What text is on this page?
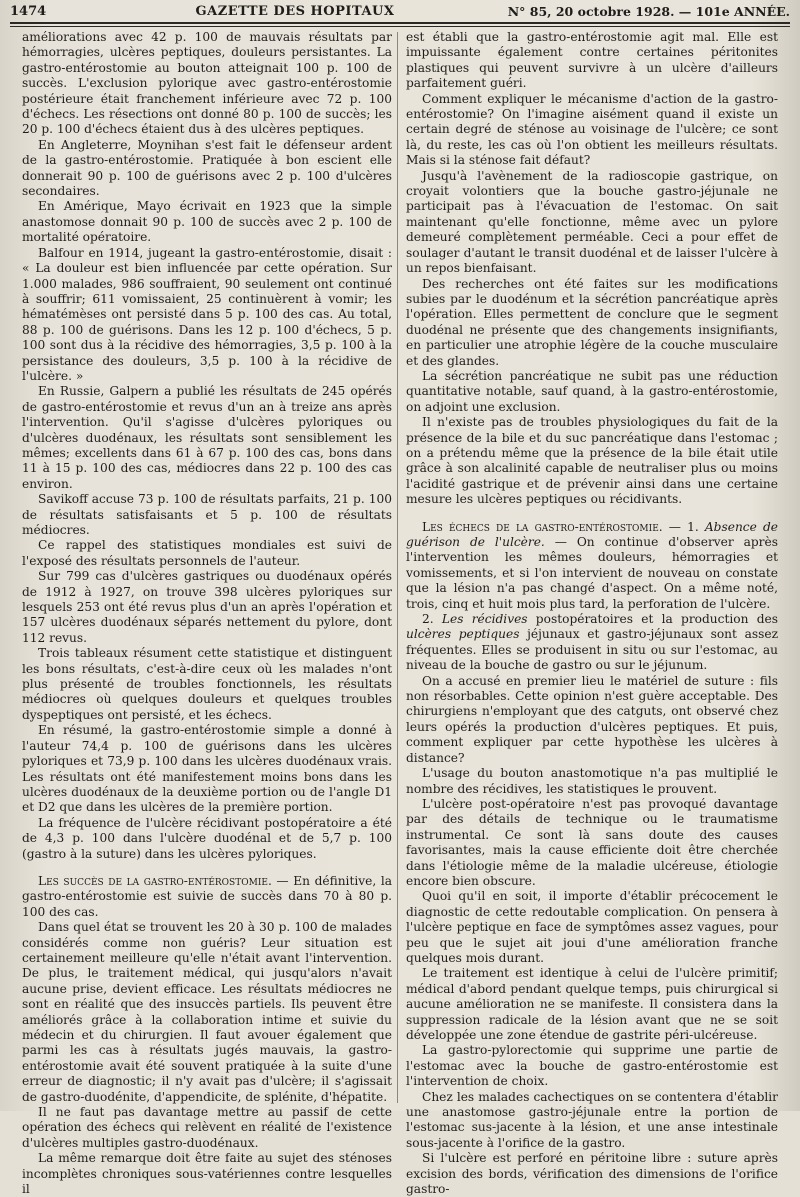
1474	GAZETTE DES HOPITAUX	N° 85, 20 octobre 1928. — 101e ANNÉE.

améliorations avec 42 p. 100 de mauvais résultats par hémorragies, ulcères peptiques, douleurs persistantes. La gastro-entérostomie au bouton atteignait 100 p. 100 de succès. L'exclusion pylorique avec gastro-entérostomie postérieure était franchement inférieure avec 72 p. 100 d'échecs. Les résections ont donné 80 p. 100 de succès; les 20 p. 100 d'échecs étaient dus à des ulcères peptiques.

En Angleterre, Moynihan s'est fait le défenseur ardent de la gastro-entérostomie. Pratiquée à bon escient elle donnerait 90 p. 100 de guérisons avec 2 p. 100 d'ulcères secondaires.

En Amérique, Mayo écrivait en 1923 que la simple anastomose donnait 90 p. 100 de succès avec 2 p. 100 de mortalité opératoire.

Balfour en 1914, jugeant la gastro-entérostomie, disait : « La douleur est bien influencée par cette opération. Sur 1.000 malades, 986 souffraient, 90 seulement ont continué à souffrir; 611 vomissaient, 25 continuèrent à vomir; les hématémèses ont persisté dans 5 p. 100 des cas. Au total, 88 p. 100 de guérisons. Dans les 12 p. 100 d'échecs, 5 p. 100 sont dus à la récidive des hémorragies, 3,5 p. 100 à la persistance des douleurs, 3,5 p. 100 à la récidive de l'ulcère. »

En Russie, Galpern a publié les résultats de 245 opérés de gastro-entérostomie et revus d'un an à treize ans après l'intervention. Qu'il s'agisse d'ulcères pyloriques ou d'ulcères duodénaux, les résultats sont sensiblement les mêmes; excellents dans 61 à 67 p. 100 des cas, bons dans 11 à 15 p. 100 des cas, médiocres dans 22 p. 100 des cas environ.

Savikoff accuse 73 p. 100 de résultats parfaits, 21 p. 100 de résultats satisfaisants et 5 p. 100 de résultats médiocres.

Ce rappel des statistiques mondiales est suivi de l'exposé des résultats personnels de l'auteur.

Sur 799 cas d'ulcères gastriques ou duodénaux opérés de 1912 à 1927, on trouve 398 ulcères pyloriques sur lesquels 253 ont été revus plus d'un an après l'opération et 157 ulcères duodénaux séparés nettement du pylore, dont 112 revus.

Trois tableaux résument cette statistique et distinguent les bons résultats, c'est-à-dire ceux où les malades n'ont plus présenté de troubles fonctionnels, les résultats médiocres où quelques douleurs et quelques troubles dyspeptiques ont persisté, et les échecs.

En résumé, la gastro-entérostomie simple a donné à l'auteur 74,4 p. 100 de guérisons dans les ulcères pyloriques et 73,9 p. 100 dans les ulcères duodénaux vrais. Les résultats ont été manifestement moins bons dans les ulcères duodénaux de la deuxième portion ou de l'angle D1 et D2 que dans les ulcères de la première portion.

La fréquence de l'ulcère récidivant postopératoire a été de 4,3 p. 100 dans l'ulcère duodénal et de 5,7 p. 100 (gastro à la suture) dans les ulcères pyloriques.

Les succès de la gastro-entérostomie. — En définitive, la gastro-entérostomie est suivie de succès dans 70 à 80 p. 100 des cas.

Dans quel état se trouvent les 20 à 30 p. 100 de malades considérés comme non guéris? Leur situation est certainement meilleure qu'elle n'était avant l'intervention. De plus, le traitement médical, qui jusqu'alors n'avait aucune prise, devient efficace. Les résultats médiocres ne sont en réalité que des insuccès partiels. Ils peuvent être améliorés grâce à la collaboration intime et suivie du médecin et du chirurgien. Il faut avouer également que parmi les cas à résultats jugés mauvais, la gastro-entérostomie avait été souvent pratiquée à la suite d'une erreur de diagnostic; il n'y avait pas d'ulcère; il s'agissait de gastro-duodénite, d'appendicite, de splénite, d'hépatite.

Il ne faut pas davantage mettre au passif de cette opération des échecs qui relèvent en réalité de l'existence d'ulcères multiples gastro-duodénaux.

La même remarque doit être faite au sujet des sténoses incomplètes chroniques sous-vatériennes contre lesquelles il

est établi que la gastro-entérostomie agit mal. Elle est impuissante également contre certaines péritonites plastiques qui peuvent survivre à un ulcère d'ailleurs parfaitement guéri.

Comment expliquer le mécanisme d'action de la gastro-entérostomie? On l'imagine aisément quand il existe un certain degré de sténose au voisinage de l'ulcère; ce sont là, du reste, les cas où l'on obtient les meilleurs résultats. Mais si la sténose fait défaut?

Jusqu'à l'avènement de la radioscopie gastrique, on croyait volontiers que la bouche gastro-jéjunale ne participait pas à l'évacuation de l'estomac. On sait maintenant qu'elle fonctionne, même avec un pylore demeuré complètement perméable. Ceci a pour effet de soulager d'autant le transit duodénal et de laisser l'ulcère à un repos bienfaisant.

Des recherches ont été faites sur les modifications subies par le duodénum et la sécrétion pancréatique après l'opération. Elles permettent de conclure que le segment duodénal ne présente que des changements insignifiants, en particulier une atrophie légère de la couche musculaire et des glandes.

La sécrétion pancréatique ne subit pas une réduction quantitative notable, sauf quand, à la gastro-entérostomie, on adjoint une exclusion.

Il n'existe pas de troubles physiologiques du fait de la présence de la bile et du suc pancréatique dans l'estomac ; on a prétendu même que la présence de la bile était utile grâce à son alcalinité capable de neutraliser plus ou moins l'acidité gastrique et de prévenir ainsi dans une certaine mesure les ulcères peptiques ou récidivants.

Les échecs de la gastro-entérostomie. — 1. Absence de guérison de l'ulcère. — On continue d'observer après l'intervention les mêmes douleurs, hémorragies et vomissements, et si l'on intervient de nouveau on constate que la lésion n'a pas changé d'aspect. On a même noté, trois, cinq et huit mois plus tard, la perforation de l'ulcère.

2. Les récidives postopératoires et la production des ulcères peptiques jéjunaux et gastro-jéjunaux sont assez fréquentes. Elles se produisent in situ ou sur l'estomac, au niveau de la bouche de gastro ou sur le jéjunum.

On a accusé en premier lieu le matériel de suture : fils non résorbables. Cette opinion n'est guère acceptable. Des chirurgiens n'employant que des catguts, ont observé chez leurs opérés la production d'ulcères peptiques. Et puis, comment expliquer par cette hypothèse les ulcères à distance?

L'usage du bouton anastomotique n'a pas multiplié le nombre des récidives, les statistiques le prouvent.

L'ulcère post-opératoire n'est pas provoqué davantage par des détails de technique ou le traumatisme instrumental. Ce sont là sans doute des causes favorisantes, mais la cause efficiente doit être cherchée dans l'étiologie même de la maladie ulcéreuse, étiologie encore bien obscure.

Quoi qu'il en soit, il importe d'établir précocement le diagnostic de cette redoutable complication. On pensera à l'ulcère peptique en face de symptômes assez vagues, pour peu que le sujet ait joui d'une amélioration franche quelques mois durant.

Le traitement est identique à celui de l'ulcère primitif; médical d'abord pendant quelque temps, puis chirurgical si aucune amélioration ne se manifeste. Il consistera dans la suppression radicale de la lésion avant que ne se soit développée une zone étendue de gastrite péri-ulcéreuse.

La gastro-pylorectomie qui supprime une partie de l'estomac avec la bouche de gastro-entérostomie est l'intervention de choix.

Chez les malades cachectiques on se contentera d'établir une anastomose gastro-jéjunale entre la portion de l'estomac sus-jacente à la lésion, et une anse intestinale sous-jacente à l'orifice de la gastro.

Si l'ulcère est perforé en péritoine libre : suture après excision des bords, vérification des dimensions de l'orifice gastro-
